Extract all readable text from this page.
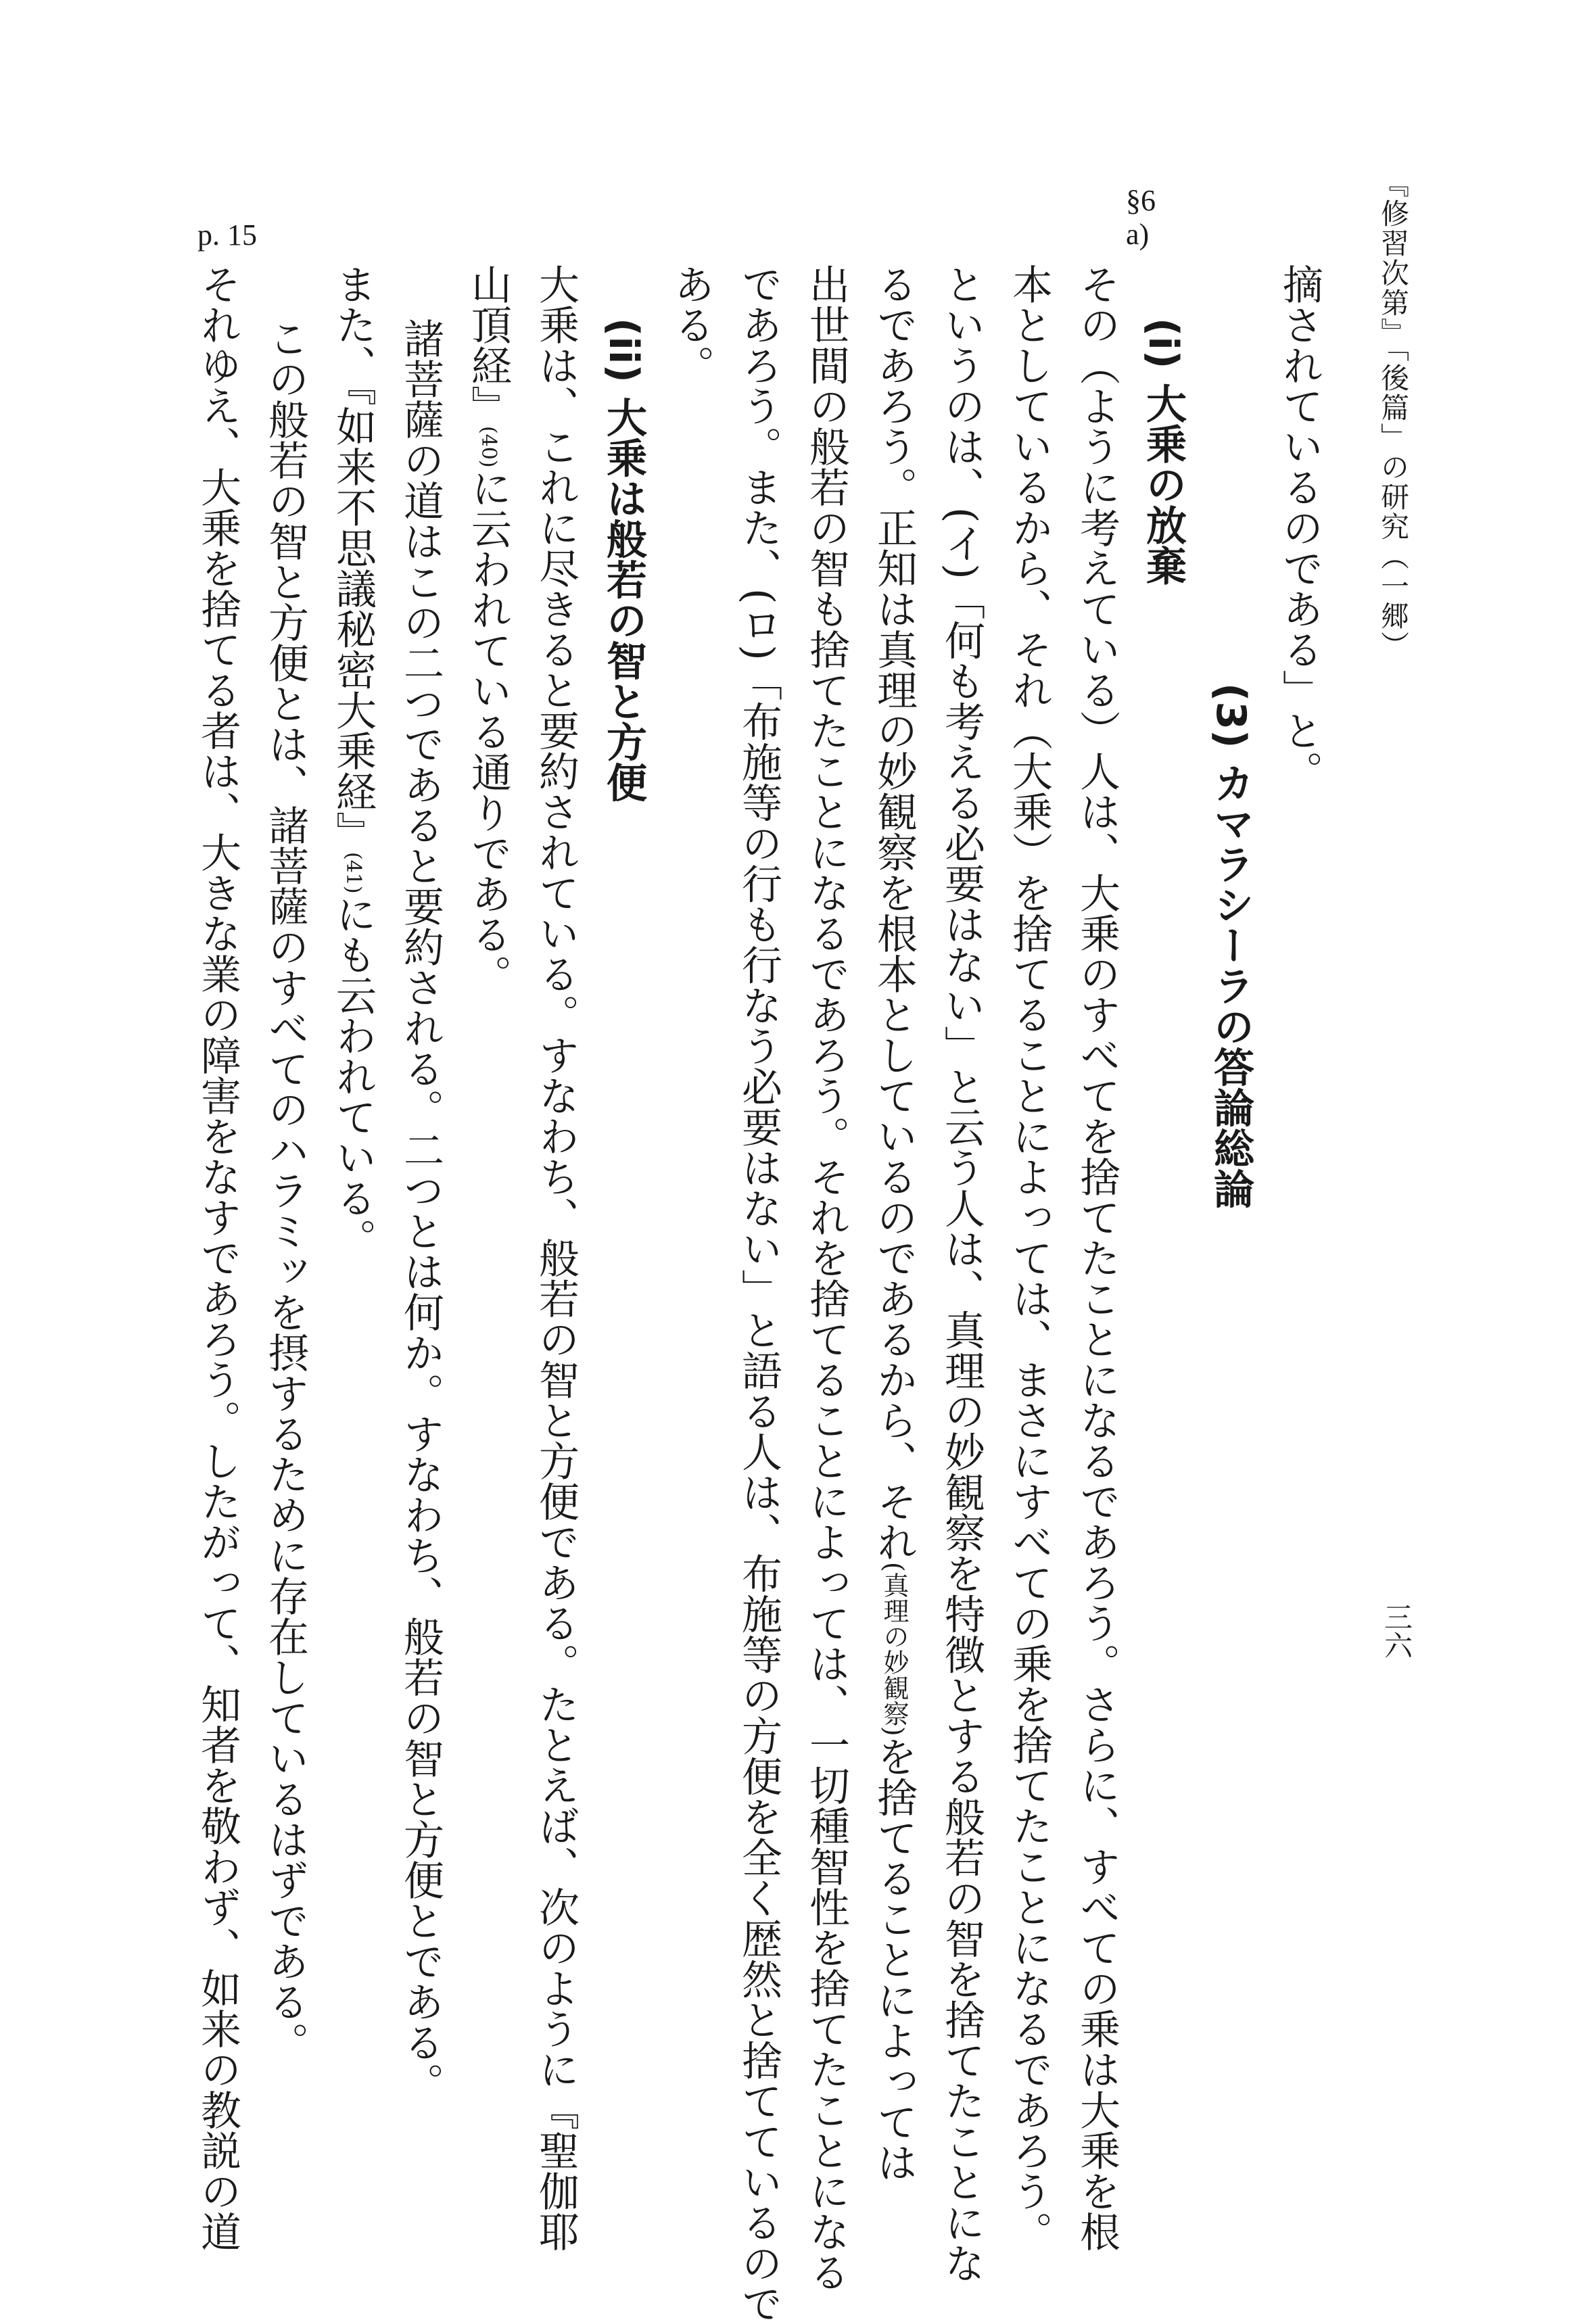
『修習次第』「後篇」の研究（一郷）
三六
p. 15
§6
a)
摘されているのである」と。
(3) カマラシーラの答論総論
(i) 大乗の放棄
その（ように考えている）人は、大乗のすべてを捨てたことになるであろう。さらに、すべての乗は大乗を根
本としているから、それ（大乗）を捨てることによっては、まさにすべての乗を捨てたことになるであろう。
というのは、(イ)「何も考える必要はない」と云う人は、真理の妙観察を特徴とする般若の智を捨てたことにな
るであろう。正知は真理の妙観察を根本としているのであるから、それ(真理の妙観察)を捨てることによっては
出世間の般若の智も捨てたことになるであろう。それを捨てることによっては、一切種智性を捨てたことになる
であろう。また、(ロ)「布施等の行も行なう必要はない」と語る人は、布施等の方便を全く歴然と捨てているので
ある。
(ii) 大乗は般若の智と方便
大乗は、これに尽きると要約されている。すなわち、般若の智と方便である。たとえば、次のように『聖伽耶
山頂経』(40)に云われている通りである。
諸菩薩の道はこの二つであると要約される。二つとは何か。すなわち、般若の智と方便とである。
また、『如来不思議秘密大乗経』(41)にも云われている。
この般若の智と方便とは、諸菩薩のすべてのハラミッを摂するために存在しているはずである。
それゆえ、大乗を捨てる者は、大きな業の障害をなすであろう。したがって、知者を敬わず、如来の教説の道
